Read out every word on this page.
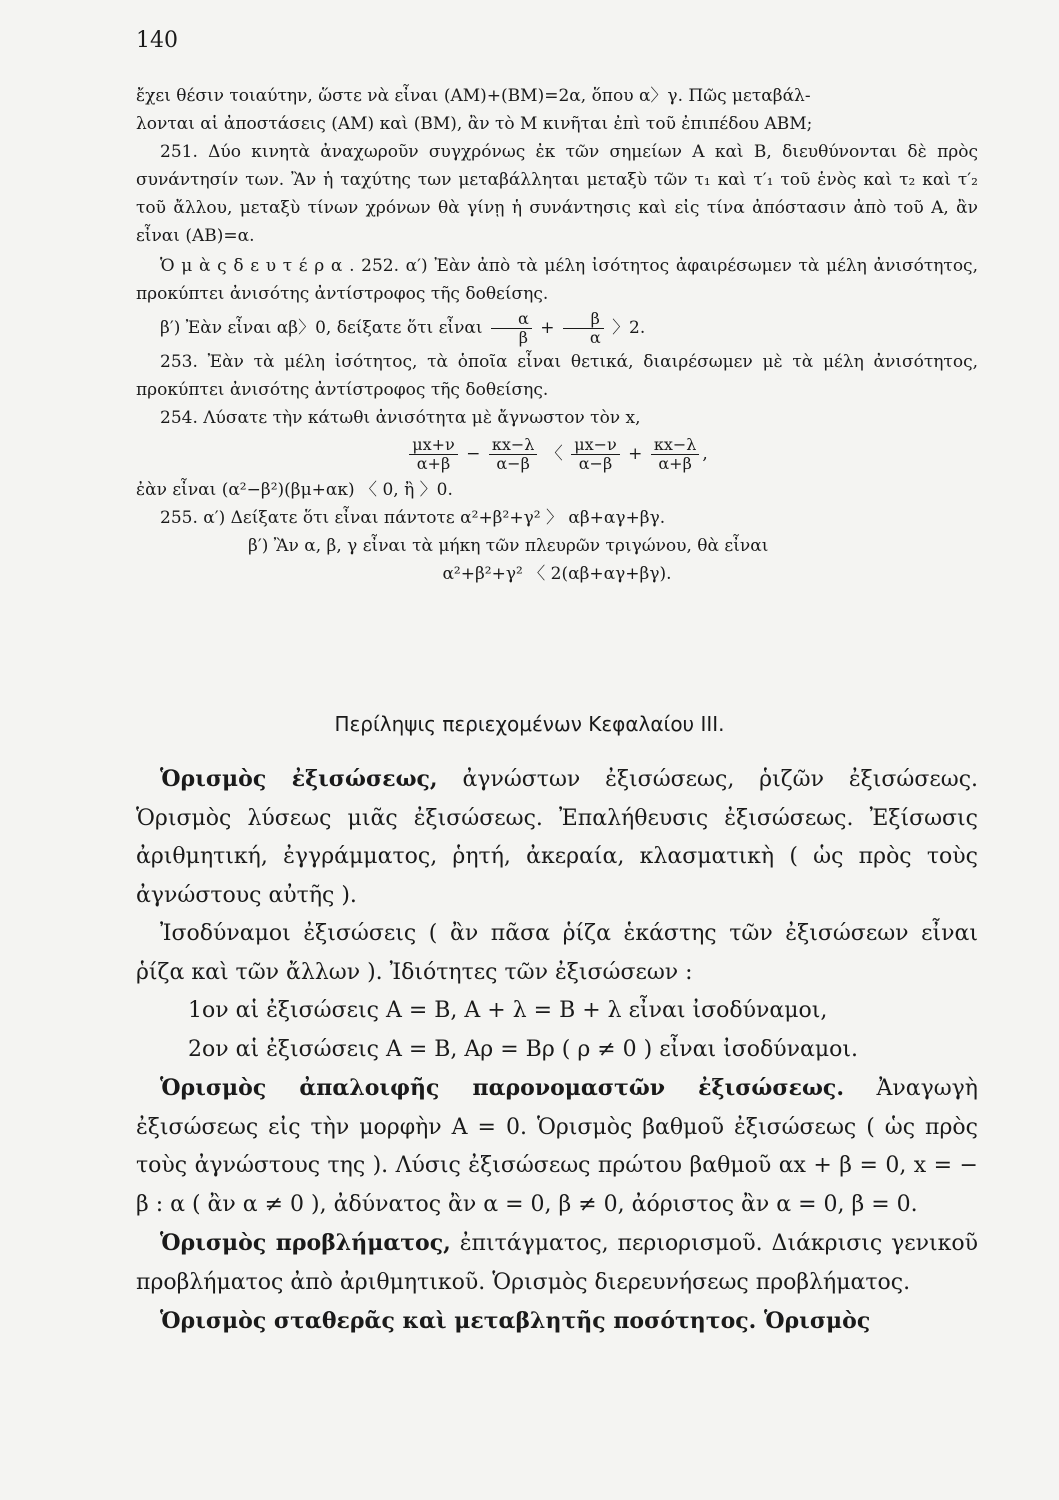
140

ἔχει θέσιν τοιαύτην, ὥστε νὰ εἶναι (AM)+(BM)=2α, ὅπου α〉γ. Πῶς μεταβάλ-

λονται αἱ ἀποστάσεις (AM) καὶ (BM), ἂν τὸ M κινῆται ἐπὶ τοῦ ἐπιπέδου ABM;

251. Δύο κινητὰ ἀναχωροῦν συγχρόνως ἐκ τῶν σημείων A καὶ B, διευθύνονται δὲ πρὸς συνάντησίν των. Ἂν ἡ ταχύτης των μεταβάλληται μεταξὺ τῶν τ₁ καὶ τ′₁ τοῦ ἑνὸς καὶ τ₂ καὶ τ′₂ τοῦ ἄλλου, μεταξὺ τίνων χρόνων θὰ γίνῃ ἡ συνάντησις καὶ εἰς τίνα ἀπόστασιν ἀπὸ τοῦ A, ἂν εἶναι (AB)=α.

Ὁ μ ὰ ς δ ε υ τ έ ρ α . 252. α′) Ἐὰν ἀπὸ τὰ μέλη ἰσότητος ἀφαιρέσωμεν τὰ μέλη ἀνισότητος, προκύπτει ἀνισότης ἀντίστροφος τῆς δοθείσης.

β′) Ἐὰν εἶναι αβ〉0, δείξατε ὅτι εἶναι $\frac{\alpha}{\beta} + \frac{\beta}{\alpha}$ 〉2.

253. Ἐὰν τὰ μέλη ἰσότητος, τὰ ὁποῖα εἶναι θετικά, διαιρέσωμεν μὲ τὰ μέλη ἀνισότητος, προκύπτει ἀνισότης ἀντίστροφος τῆς δοθείσης.

254. Λύσατε τὴν κάτωθι ἀνισότητα μὲ ἄγνωστον τὸν x,

$\frac{\mu x+\nu}{\alpha+\beta} - \frac{\kappa x-\lambda}{\alpha-\beta}$ 〈 $\frac{\mu x-\nu}{\alpha-\beta} + \frac{\kappa x-\lambda}{\alpha+\beta}$ ,

ἐὰν εἶναι (α²−β²)(βμ+ακ) 〈 0, ἢ 〉0.

255. α′) Δείξατε ὅτι εἶναι πάντοτε α²+β²+γ² 〉 αβ+αγ+βγ.

β′) Ἂν α, β, γ εἶναι τὰ μήκη τῶν πλευρῶν τριγώνου, θὰ εἶναι

α²+β²+γ² 〈 2(αβ+αγ+βγ).

Περίληψις περιεχομένων Κεφαλαίου III.

Ὁρισμὸς ἐξισώσεως, ἀγνώστων ἐξισώσεως, ῥιζῶν ἐξισώσεως. Ὁρισμὸς λύσεως μιᾶς ἐξισώσεως. Ἐπαλήθευσις ἐξισώσεως. Ἐξίσωσις ἀριθμητική, ἐγγράμματος, ῥητή, ἀκεραία, κλασματικὴ ( ὡς πρὸς τοὺς ἀγνώστους αὐτῆς ).

Ἰσοδύναμοι ἐξισώσεις ( ἂν πᾶσα ῥίζα ἑκάστης τῶν ἐξισώσεων εἶναι ῥίζα καὶ τῶν ἄλλων ). Ἰδιότητες τῶν ἐξισώσεων :

1ον αἱ ἐξισώσεις A = B, A + λ = B + λ εἶναι ἰσοδύναμοι,

2ον αἱ ἐξισώσεις A = B, Aρ = Bρ ( ρ ≠ 0 ) εἶναι ἰσοδύναμοι.

Ὁρισμὸς ἀπαλοιφῆς παρονομαστῶν ἐξισώσεως. Ἀναγωγὴ ἐξισώσεως εἰς τὴν μορφὴν A = 0. Ὁρισμὸς βαθμοῦ ἐξισώσεως ( ὡς πρὸς τοὺς ἀγνώστους της ). Λύσις ἐξισώσεως πρώτου βαθμοῦ αx + β = 0, x = − β : α ( ἂν α ≠ 0 ), ἀδύνατος ἂν α = 0, β ≠ 0, ἀόριστος ἂν α = 0, β = 0.

Ὁρισμὸς προβλήματος, ἐπιτάγματος, περιορισμοῦ. Διάκρισις γενικοῦ προβλήματος ἀπὸ ἀριθμητικοῦ. Ὁρισμὸς διερευνήσεως προβλήματος.

Ὁρισμὸς σταθερᾶς καὶ μεταβλητῆς ποσότητος. Ὁρισμὸς
